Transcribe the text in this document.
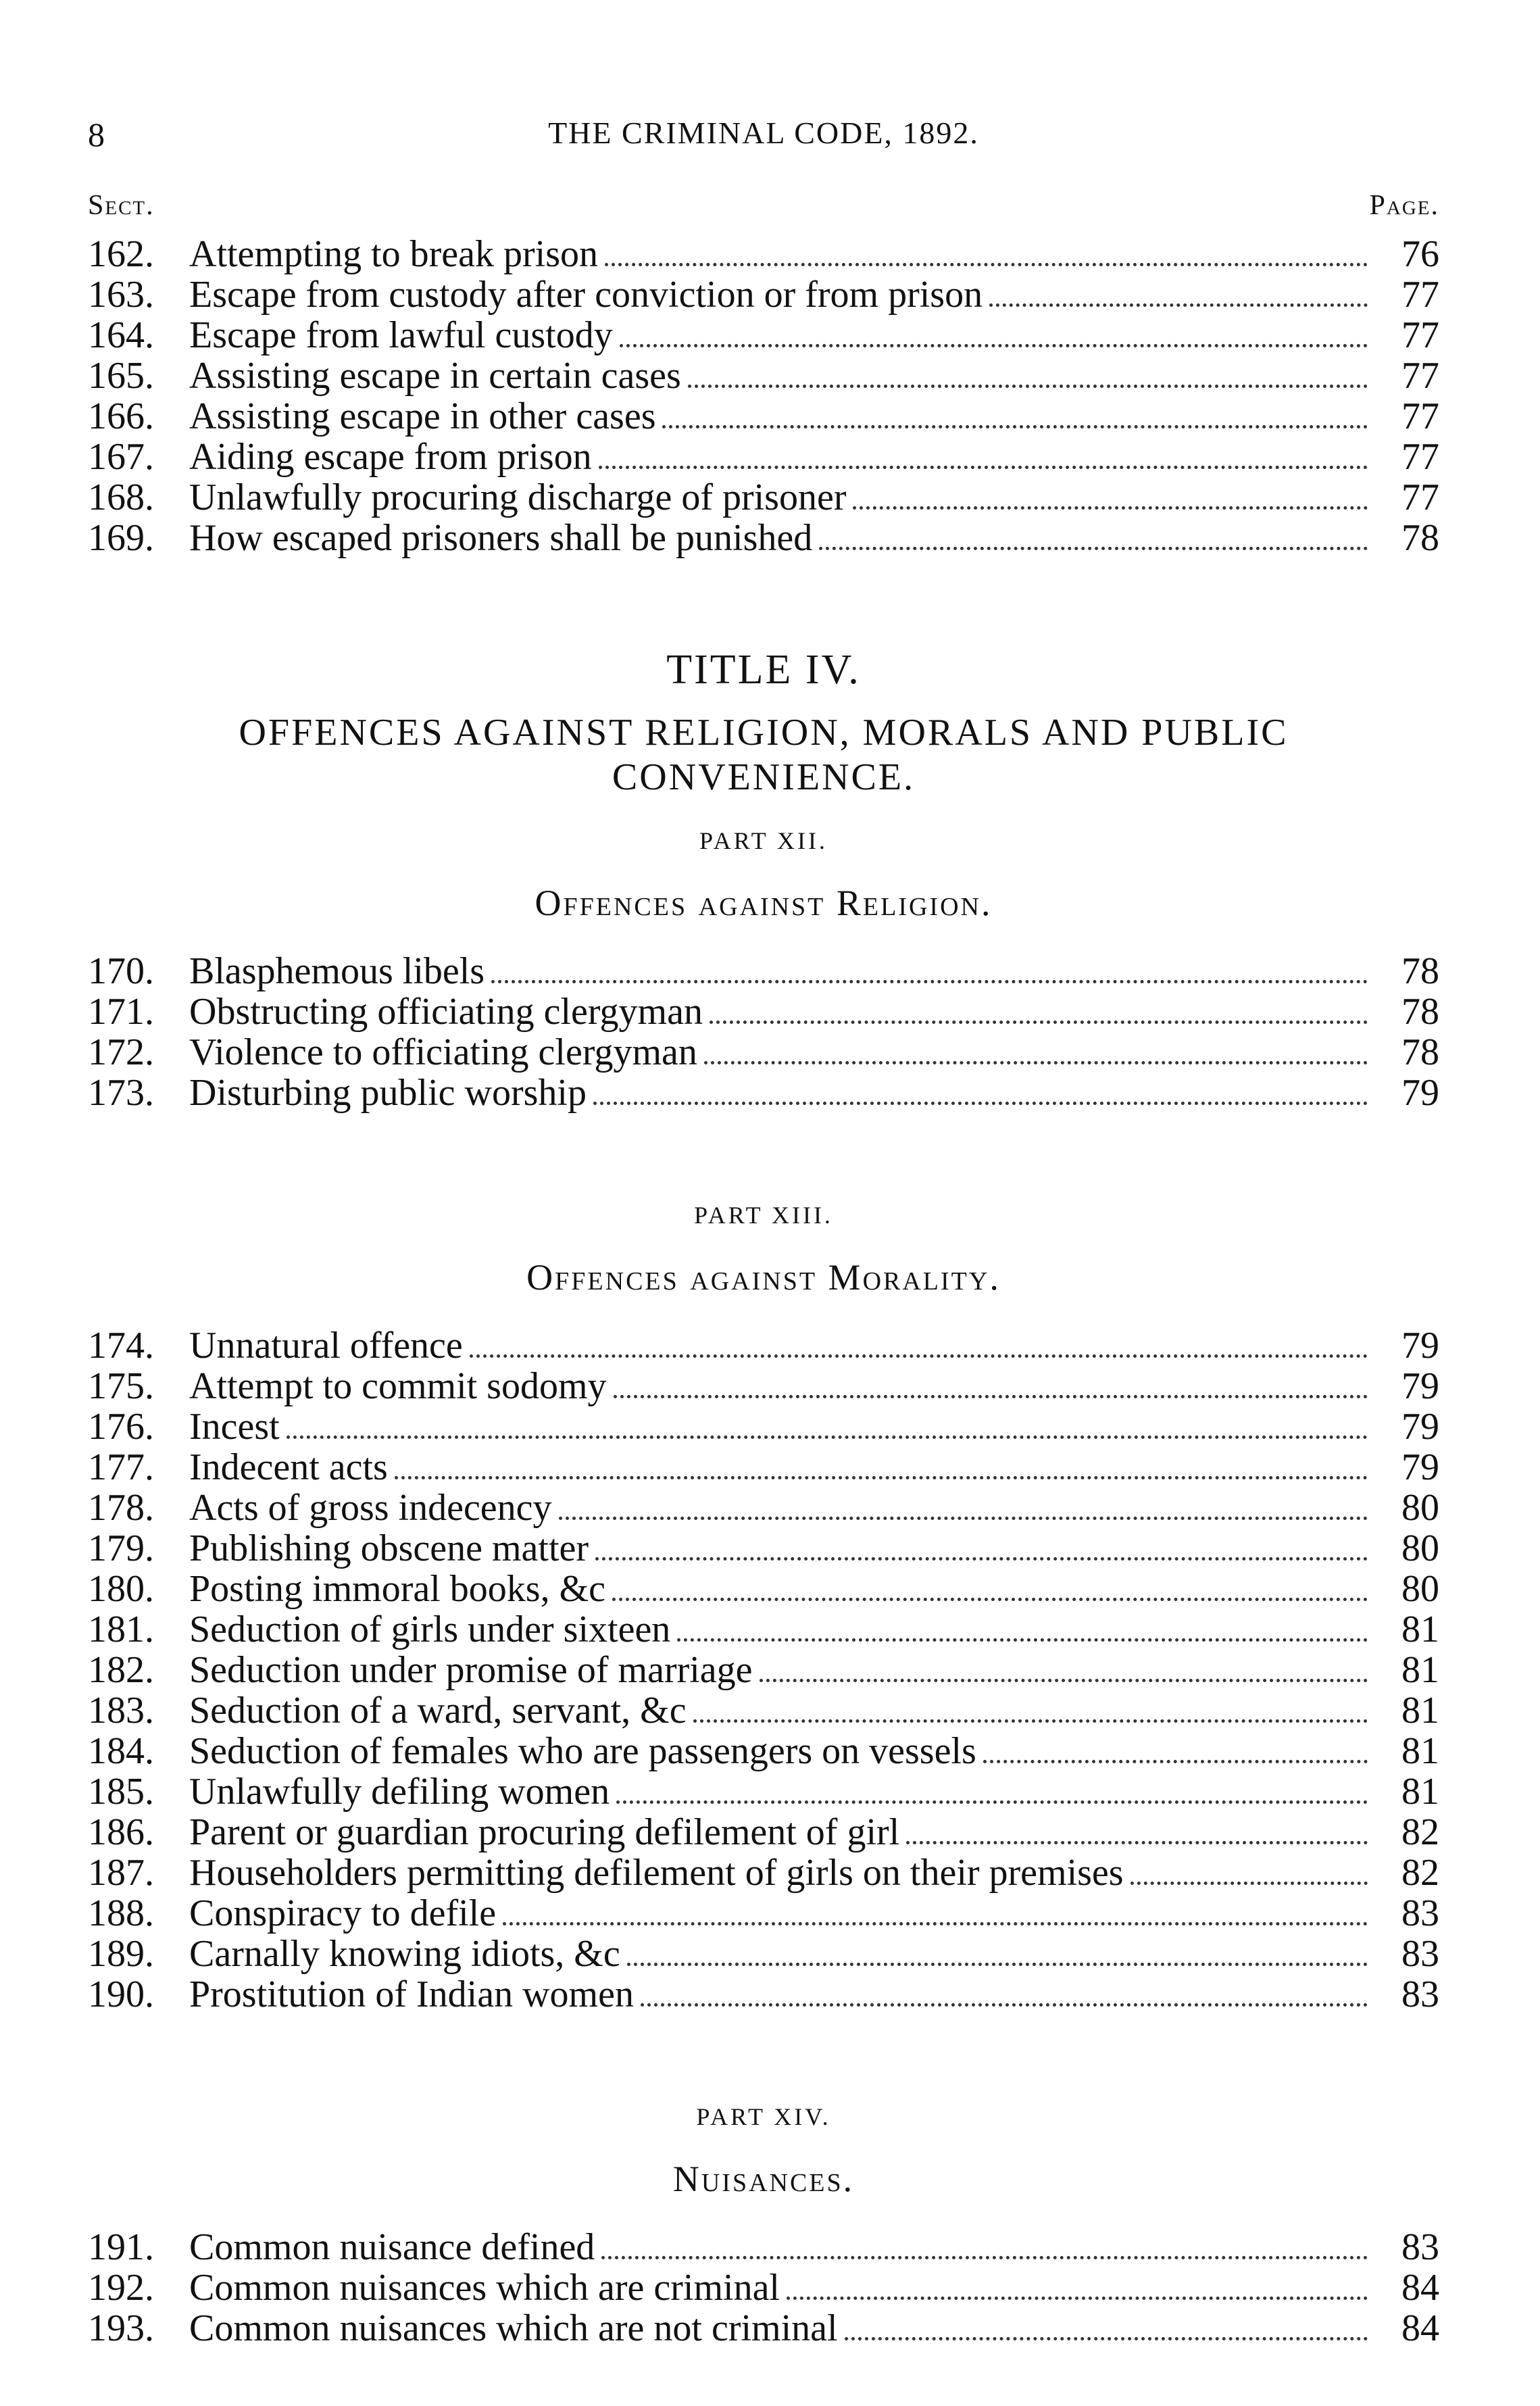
8	THE CRIMINAL CODE, 1892.
Sect.	Page.
162. Attempting to break prison	76
163. Escape from custody after conviction or from prison	77
164. Escape from lawful custody	77
165. Assisting escape in certain cases	77
166. Assisting escape in other cases	77
167. Aiding escape from prison	77
168. Unlawfully procuring discharge of prisoner	77
169. How escaped prisoners shall be punished	78
TITLE IV.
OFFENCES AGAINST RELIGION, MORALS AND PUBLIC
CONVENIENCE.
PART XII.
Offences against Religion.
170. Blasphemous libels	78
171. Obstructing officiating clergyman	78
172. Violence to officiating clergyman	78
173. Disturbing public worship	79
PART XIII.
Offences against Morality.
174. Unnatural offence	79
175. Attempt to commit sodomy	79
176. Incest	79
177. Indecent acts	79
178. Acts of gross indecency	80
179. Publishing obscene matter	80
180. Posting immoral books, &c	80
181. Seduction of girls under sixteen	81
182. Seduction under promise of marriage	81
183. Seduction of a ward, servant, &c	81
184. Seduction of females who are passengers on vessels	81
185. Unlawfully defiling women	81
186. Parent or guardian procuring defilement of girl	82
187. Householders permitting defilement of girls on their premises	82
188. Conspiracy to defile	83
189. Carnally knowing idiots, &c	83
190. Prostitution of Indian women	83
PART XIV.
Nuisances.
191. Common nuisance defined	83
192. Common nuisances which are criminal	84
193. Common nuisances which are not criminal	84
